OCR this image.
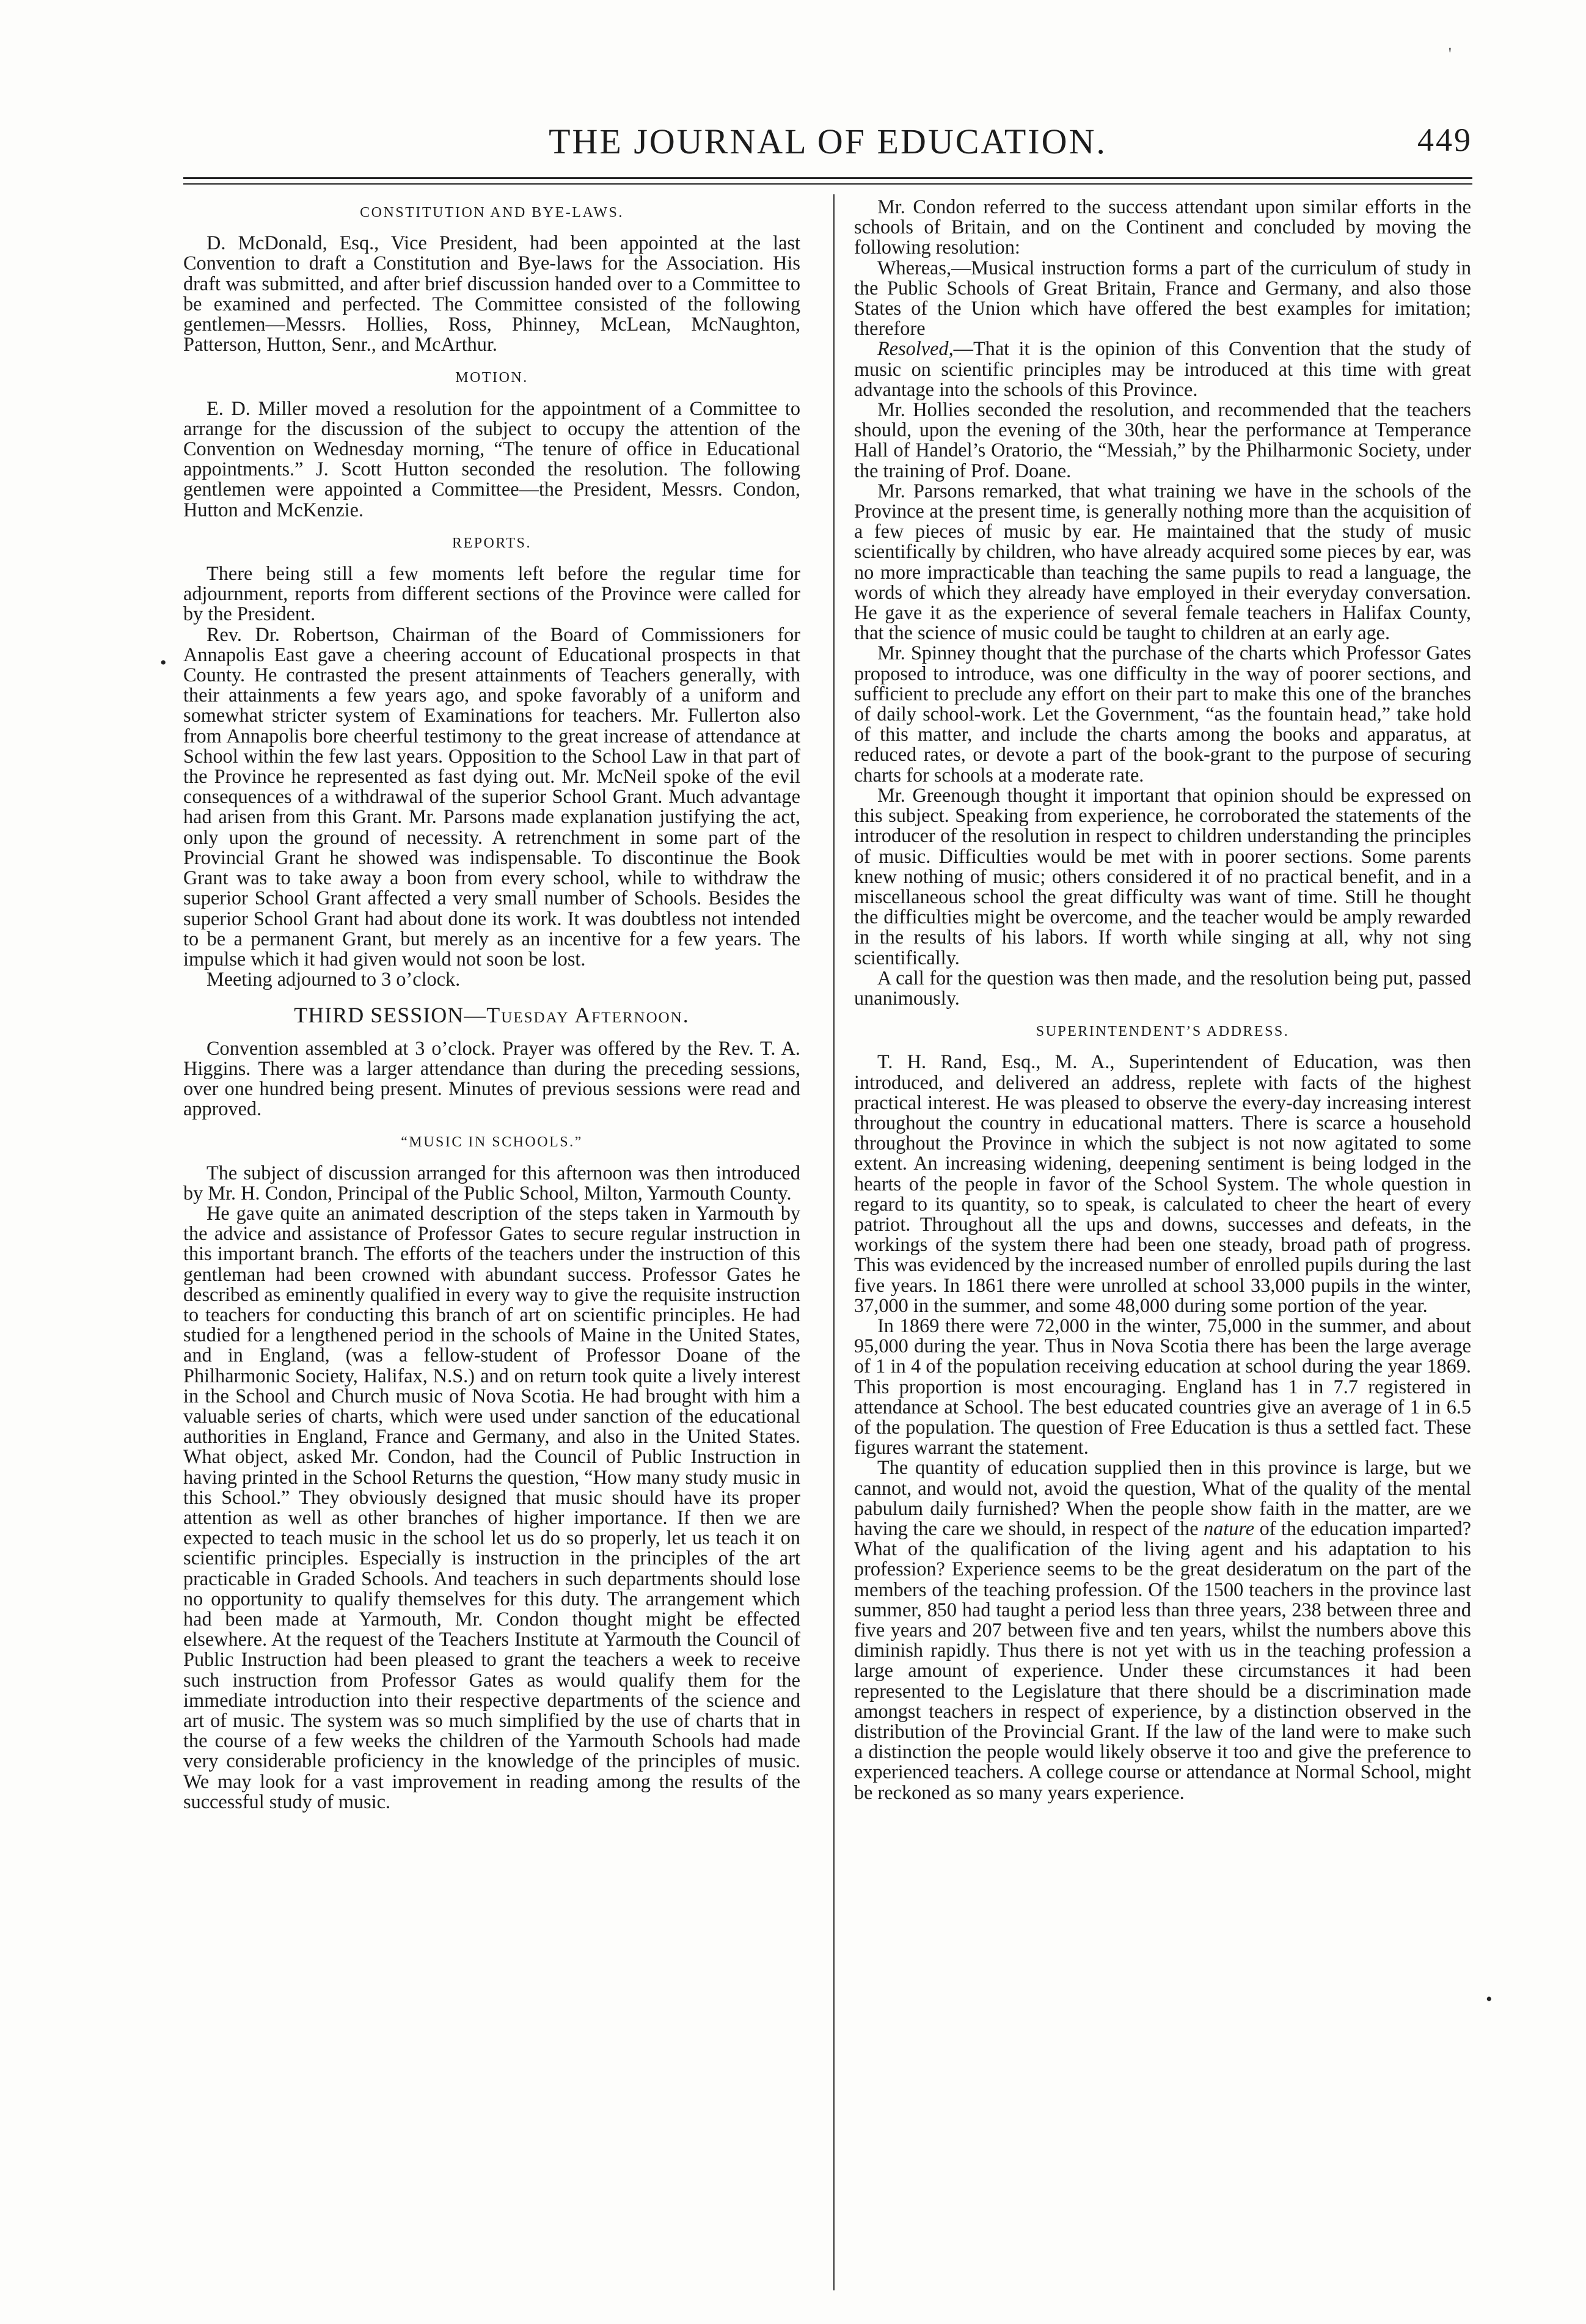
'
THE JOURNAL OF EDUCATION.	449
•
•
CONSTITUTION AND BYE-LAWS.

D. McDonald, Esq., Vice President, had been appointed at the last Convention to draft a Constitution and Bye-laws for the Association. His draft was submitted, and after brief discussion handed over to a Committee to be examined and perfected. The Committee consisted of the following gentlemen—Messrs. Hollies, Ross, Phinney, McLean, McNaughton, Patterson, Hutton, Senr., and McArthur.

MOTION.

E. D. Miller moved a resolution for the appointment of a Committee to arrange for the discussion of the subject to occupy the attention of the Convention on Wednesday morning, “The tenure of office in Educational appointments.” J. Scott Hutton seconded the resolution. The following gentlemen were appointed a Committee—the President, Messrs. Condon, Hutton and McKenzie.

REPORTS.

There being still a few moments left before the regular time for adjournment, reports from different sections of the Province were called for by the President.

Rev. Dr. Robertson, Chairman of the Board of Commissioners for Annapolis East gave a cheering account of Educational prospects in that County. He contrasted the present attainments of Teachers generally, with their attainments a few years ago, and spoke favorably of a uniform and somewhat stricter system of Examinations for teachers. Mr. Fullerton also from Annapolis bore cheerful testimony to the great increase of attendance at School within the few last years. Opposition to the School Law in that part of the Province he represented as fast dying out. Mr. McNeil spoke of the evil consequences of a withdrawal of the superior School Grant. Much advantage had arisen from this Grant. Mr. Parsons made explanation justifying the act, only upon the ground of necessity. A retrenchment in some part of the Provincial Grant he showed was indispensable. To discontinue the Book Grant was to take away a boon from every school, while to withdraw the superior School Grant affected a very small number of Schools. Besides the superior School Grant had about done its work. It was doubtless not intended to be a permanent Grant, but merely as an incentive for a few years. The impulse which it had given would not soon be lost.

Meeting adjourned to 3 o’clock.

THIRD SESSION—Tuesday Afternoon.

Convention assembled at 3 o’clock. Prayer was offered by the Rev. T. A. Higgins. There was a larger attendance than during the preceding sessions, over one hundred being present. Minutes of previous sessions were read and approved.

“MUSIC IN SCHOOLS.”

The subject of discussion arranged for this afternoon was then introduced by Mr. H. Condon, Principal of the Public School, Milton, Yarmouth County.

He gave quite an animated description of the steps taken in Yarmouth by the advice and assistance of Professor Gates to secure regular instruction in this important branch. The efforts of the teachers under the instruction of this gentleman had been crowned with abundant success. Professor Gates he described as eminently qualified in every way to give the requisite instruction to teachers for conducting this branch of art on scientific principles. He had studied for a lengthened period in the schools of Maine in the United States, and in England, (was a fellow-student of Professor Doane of the Philharmonic Society, Halifax, N.S.) and on return took quite a lively interest in the School and Church music of Nova Scotia. He had brought with him a valuable series of charts, which were used under sanction of the educational authorities in England, France and Germany, and also in the United States. What object, asked Mr. Condon, had the Council of Public Instruction in having printed in the School Returns the question, “How many study music in this School.” They obviously designed that music should have its proper attention as well as other branches of higher importance. If then we are expected to teach music in the school let us do so properly, let us teach it on scientific principles. Especially is instruction in the principles of the art practicable in Graded Schools. And teachers in such departments should lose no opportunity to qualify themselves for this duty. The arrangement which had been made at Yarmouth, Mr. Condon thought might be effected elsewhere. At the request of the Teachers Institute at Yarmouth the Council of Public Instruction had been pleased to grant the teachers a week to receive such instruction from Professor Gates as would qualify them for the immediate introduction into their respective departments of the science and art of music. The system was so much simplified by the use of charts that in the course of a few weeks the children of the Yarmouth Schools had made very considerable proficiency in the knowledge of the principles of music. We may look for a vast improvement in reading among the results of the successful study of music.

Mr. Condon referred to the success attendant upon similar efforts in the schools of Britain, and on the Continent and concluded by moving the following resolution:

Whereas,—Musical instruction forms a part of the curriculum of study in the Public Schools of Great Britain, France and Germany, and also those States of the Union which have offered the best examples for imitation; therefore

Resolved,—That it is the opinion of this Convention that the study of music on scientific principles may be introduced at this time with great advantage into the schools of this Province.

Mr. Hollies seconded the resolution, and recommended that the teachers should, upon the evening of the 30th, hear the performance at Temperance Hall of Handel’s Oratorio, the “Messiah,” by the Philharmonic Society, under the training of Prof. Doane.

Mr. Parsons remarked, that what training we have in the schools of the Province at the present time, is generally nothing more than the acquisition of a few pieces of music by ear. He maintained that the study of music scientifically by children, who have already acquired some pieces by ear, was no more impracticable than teaching the same pupils to read a language, the words of which they already have employed in their everyday conversation. He gave it as the experience of several female teachers in Halifax County, that the science of music could be taught to children at an early age.

Mr. Spinney thought that the purchase of the charts which Professor Gates proposed to introduce, was one difficulty in the way of poorer sections, and sufficient to preclude any effort on their part to make this one of the branches of daily school-work. Let the Government, “as the fountain head,” take hold of this matter, and include the charts among the books and apparatus, at reduced rates, or devote a part of the book-grant to the purpose of securing charts for schools at a moderate rate.

Mr. Greenough thought it important that opinion should be expressed on this subject. Speaking from experience, he corroborated the statements of the introducer of the resolution in respect to children understanding the principles of music. Difficulties would be met with in poorer sections. Some parents knew nothing of music; others considered it of no practical benefit, and in a miscellaneous school the great difficulty was want of time. Still he thought the difficulties might be overcome, and the teacher would be amply rewarded in the results of his labors. If worth while singing at all, why not sing scientifically.

A call for the question was then made, and the resolution being put, passed unanimously.

SUPERINTENDENT’S ADDRESS.

T. H. Rand, Esq., M. A., Superintendent of Education, was then introduced, and delivered an address, replete with facts of the highest practical interest. He was pleased to observe the every-day increasing interest throughout the country in educational matters. There is scarce a household throughout the Province in which the subject is not now agitated to some extent. An increasing widening, deepening sentiment is being lodged in the hearts of the people in favor of the School System. The whole question in regard to its quantity, so to speak, is calculated to cheer the heart of every patriot. Throughout all the ups and downs, successes and defeats, in the workings of the system there had been one steady, broad path of progress. This was evidenced by the increased number of enrolled pupils during the last five years. In 1861 there were unrolled at school 33,000 pupils in the winter, 37,000 in the summer, and some 48,000 during some portion of the year.

In 1869 there were 72,000 in the winter, 75,000 in the summer, and about 95,000 during the year. Thus in Nova Scotia there has been the large average of 1 in 4 of the population receiving education at school during the year 1869. This proportion is most encouraging. England has 1 in 7.7 registered in attendance at School. The best educated countries give an average of 1 in 6.5 of the population. The question of Free Education is thus a settled fact. These figures warrant the statement.

The quantity of education supplied then in this province is large, but we cannot, and would not, avoid the question, What of the quality of the mental pabulum daily furnished? When the people show faith in the matter, are we having the care we should, in respect of the nature of the education imparted? What of the qualification of the living agent and his adaptation to his profession? Experience seems to be the great desideratum on the part of the members of the teaching profession. Of the 1500 teachers in the province last summer, 850 had taught a period less than three years, 238 between three and five years and 207 between five and ten years, whilst the numbers above this diminish rapidly. Thus there is not yet with us in the teaching profession a large amount of experience. Under these circumstances it had been represented to the Legislature that there should be a discrimination made amongst teachers in respect of experience, by a distinction observed in the distribution of the Provincial Grant. If the law of the land were to make such a distinction the people would likely observe it too and give the preference to experienced teachers. A college course or attendance at Normal School, might be reckoned as so many years experience.
